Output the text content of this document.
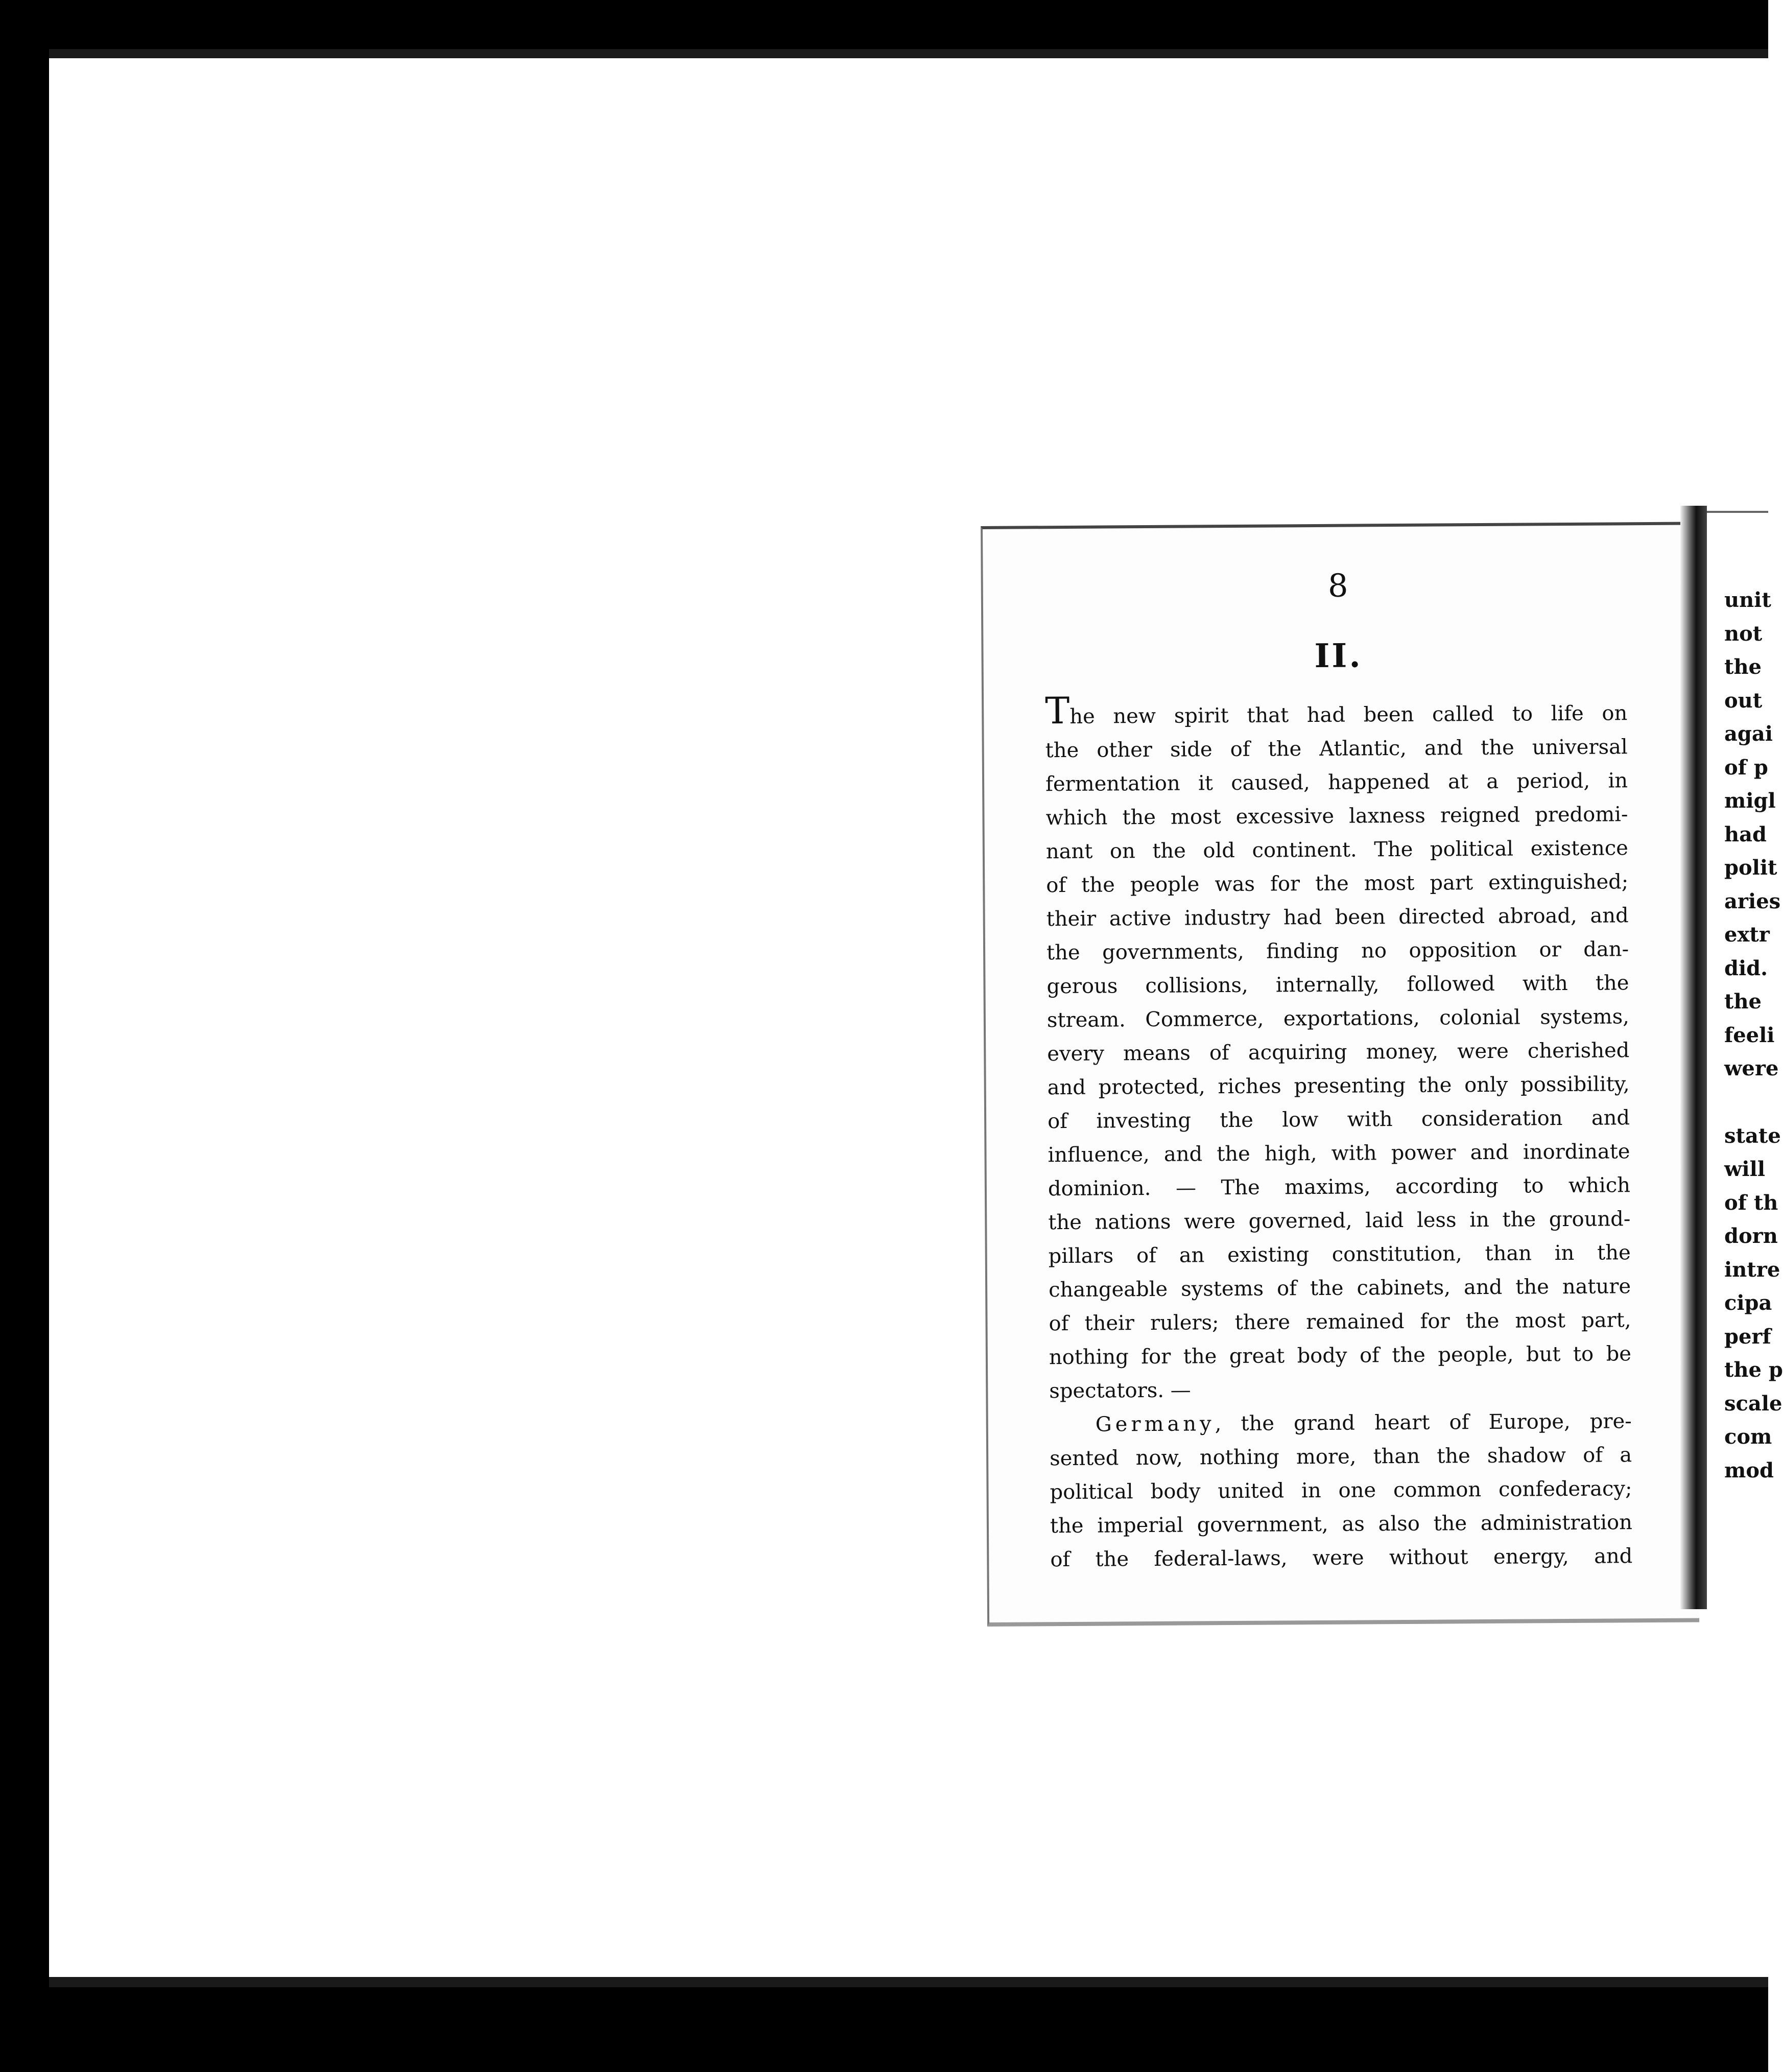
8
II.
The new spirit that had been called to life on
the other side of the Atlantic, and the universal
fermentation it caused, happened at a period, in
which the most excessive laxness reigned predomi-
nant on the old continent. The political existence
of the people was for the most part extinguished;
their active industry had been directed abroad, and
the governments, finding no opposition or dan-
gerous collisions, internally, followed with the
stream. Commerce, exportations, colonial systems,
every means of acquiring money, were cherished
and protected, riches presenting the only possibility,
of investing the low with consideration and
influence, and the high, with power and inordinate
dominion. — The maxims, according to which
the nations were governed, laid less in the ground-
pillars of an existing constitution, than in the
changeable systems of the cabinets, and the nature
of their rulers; there remained for the most part,
nothing for the great body of the people, but to be
spectators. —
Germany, the grand heart of Europe, pre-
sented now, nothing more, than the shadow of a
political body united in one common confederacy;
the imperial government, as also the administration
of the federal-laws, were without energy, and
unit
not
the
out
agai
of p
migl
had
polit
aries
extr
did.
the
feeli
were
state
will
of th
dorn
intre
cipa
perf
the p
scale
com
mod
